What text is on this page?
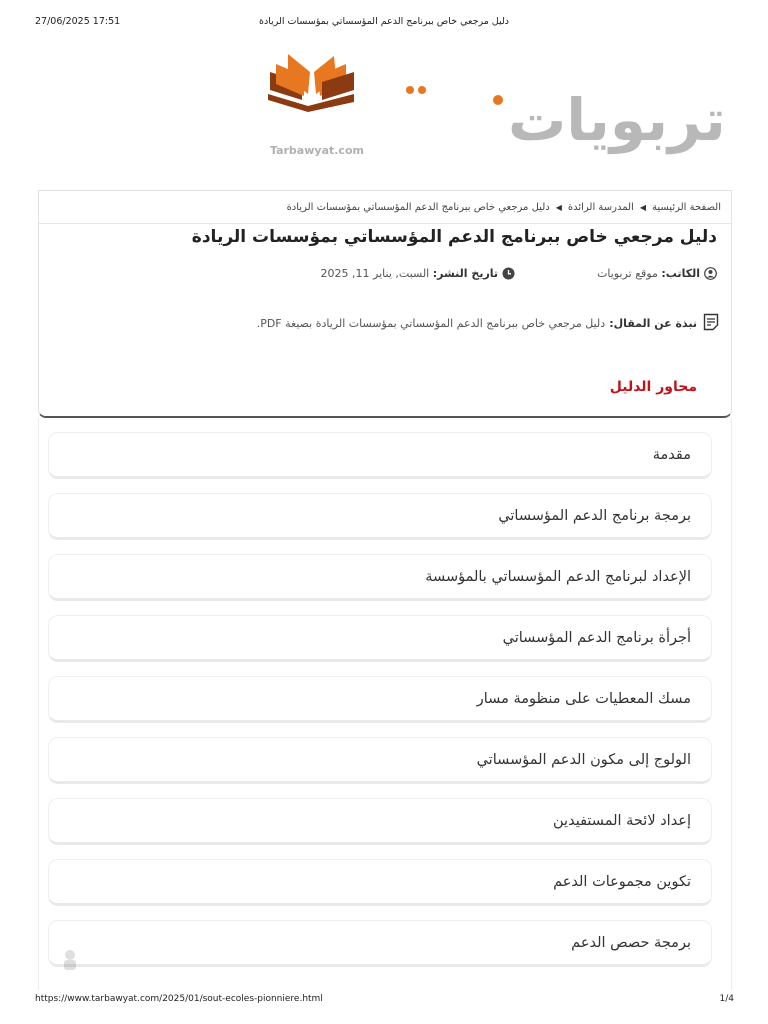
27/06/2025 17:51	دليل مرجعي خاص ببرنامج الدعم المؤسساتي بمؤسسات الريادة
تربويات
Tarbawyat.com
الصفحة الرئيسية
◀
المدرسة الرائدة
◀
دليل مرجعي خاص ببرنامج الدعم المؤسساتي بمؤسسات الريادة
دليل مرجعي خاص ببرنامج الدعم المؤسساتي بمؤسسات الريادة
الكاتب:

موقع تربويات
تاريخ النشر:

السبت, يناير 11, 2025
نبذة عن المقال:
دليل مرجعي خاص ببرنامج الدعم المؤسساتي بمؤسسات الريادة بصيغة PDF.
محاور الدليل
مقدمة
برمجة برنامج الدعم المؤسساتي
الإعداد لبرنامج الدعم المؤسساتي بالمؤسسة
أجرأة برنامج الدعم المؤسساتي
مسك المعطيات على منظومة مسار
الولوج إلى مكون الدعم المؤسساتي
إعداد لائحة المستفيدين
تكوين مجموعات الدعم
برمجة حصص الدعم
https://www.tarbawyat.com/2025/01/sout-ecoles-pionniere.html	1/4
